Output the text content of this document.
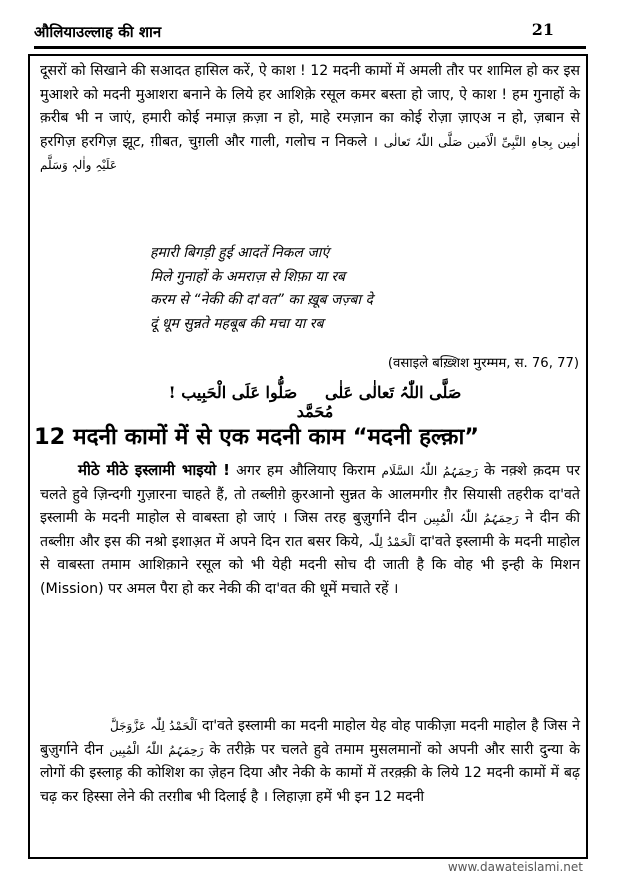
औलियाउल्लाह की शान	21
दूसरों को सिखाने की सआदत हासिल करें, ऐ काश ! 12 मदनी कामों में अमली तौर पर शामिल हो कर इस मुआशरे को मदनी मुआशरा बनाने के लिये हर आशिके़ रसूल कमर बस्ता हो जाए, ऐ काश ! हम गुनाहों के क़रीब भी न जाएं, हमारी कोई नमाज़ क़ज़ा न हो, माहे रमज़ान का कोई रोज़ा ज़ाएअ न हो, ज़बान से हरगिज़ हरगिज़ झूट, ग़ीबत, चुग़ली और गाली, गलोच न निकले । اٰمِین بِجاہِ النَّبِیِّ الْاَمین صَلَّی اللّٰہُ تَعالٰی عَلَیْہِ واٰلہٖ وَسَلَّم
हमारी बिगड़ी हुई आदतें निकल जाएं
मिले गुनाहों के अमराज़ से शिफ़ा या रब
करम से “नेकी की दा'वत” का ख़ूब जज़्बा दे
दूं धूम सुन्नते महबूब की मचा या रब
(वसाइले बख़्शिश मुरम्मम, स. 76, 77)
صَلُّوا عَلَی الْحَبِیب ! صَلَّی اللّٰہُ تَعالٰی عَلٰی مُحَمَّد
12 मदनी कामों में से एक मदनी काम “मदनी हल्क़ा”
मीठे मीठे इस्लामी भाइयो ! अगर हम औलियाए किराम رَحِمَہُمُ اللّٰہُ السَّلَام के नक़्शे क़दम पर चलते हुवे ज़िन्दगी गुज़ारना चाहते हैं, तो तब्लीग़े क़ुरआनो सुन्नत के आलमगीर ग़ैर सियासी तहरीक दा'वते इस्लामी के मदनी माहोल से वाबस्ता हो जाएं । जिस तरह बुज़ुर्गाने दीन رَحِمَہُمُ اللّٰہُ الْمُبِین ने दीन की तब्लीग़ और इस की नश्रो इशाअ़त में अपने दिन रात बसर किये, اَلْحَمْدُ لِلّٰہ दा'वते इस्लामी के मदनी माहोल से वाबस्ता तमाम आशिक़ाने रसूल को भी येही मदनी सोच दी जाती है कि वोह भी इन्ही के मिशन (Mission) पर अमल पैरा हो कर नेकी की दा'वत की धूमें मचाते रहें ।
اَلْحَمْدُ لِلّٰہ عَزَّوَجَلَّ दा'वते इस्लामी का मदनी माहोल येह वोह पाकीज़ा मदनी माहोल है जिस ने बुज़ुर्गाने दीन رَحِمَہُمُ اللّٰہُ الْمُبِین के तरीके़ पर चलते हुवे तमाम मुसलमानों को अपनी और सारी दुन्या के लोगों की इस्लाह़ की कोशिश का ज़ेहन दिया और नेकी के कामों में तरक़्क़ी के लिये 12 मदनी कामों में बढ़ चढ़ कर हिस्सा लेने की तरग़ीब भी दिलाई है । लिहाज़ा हमें भी इन 12 मदनी
www.dawateislami.net
